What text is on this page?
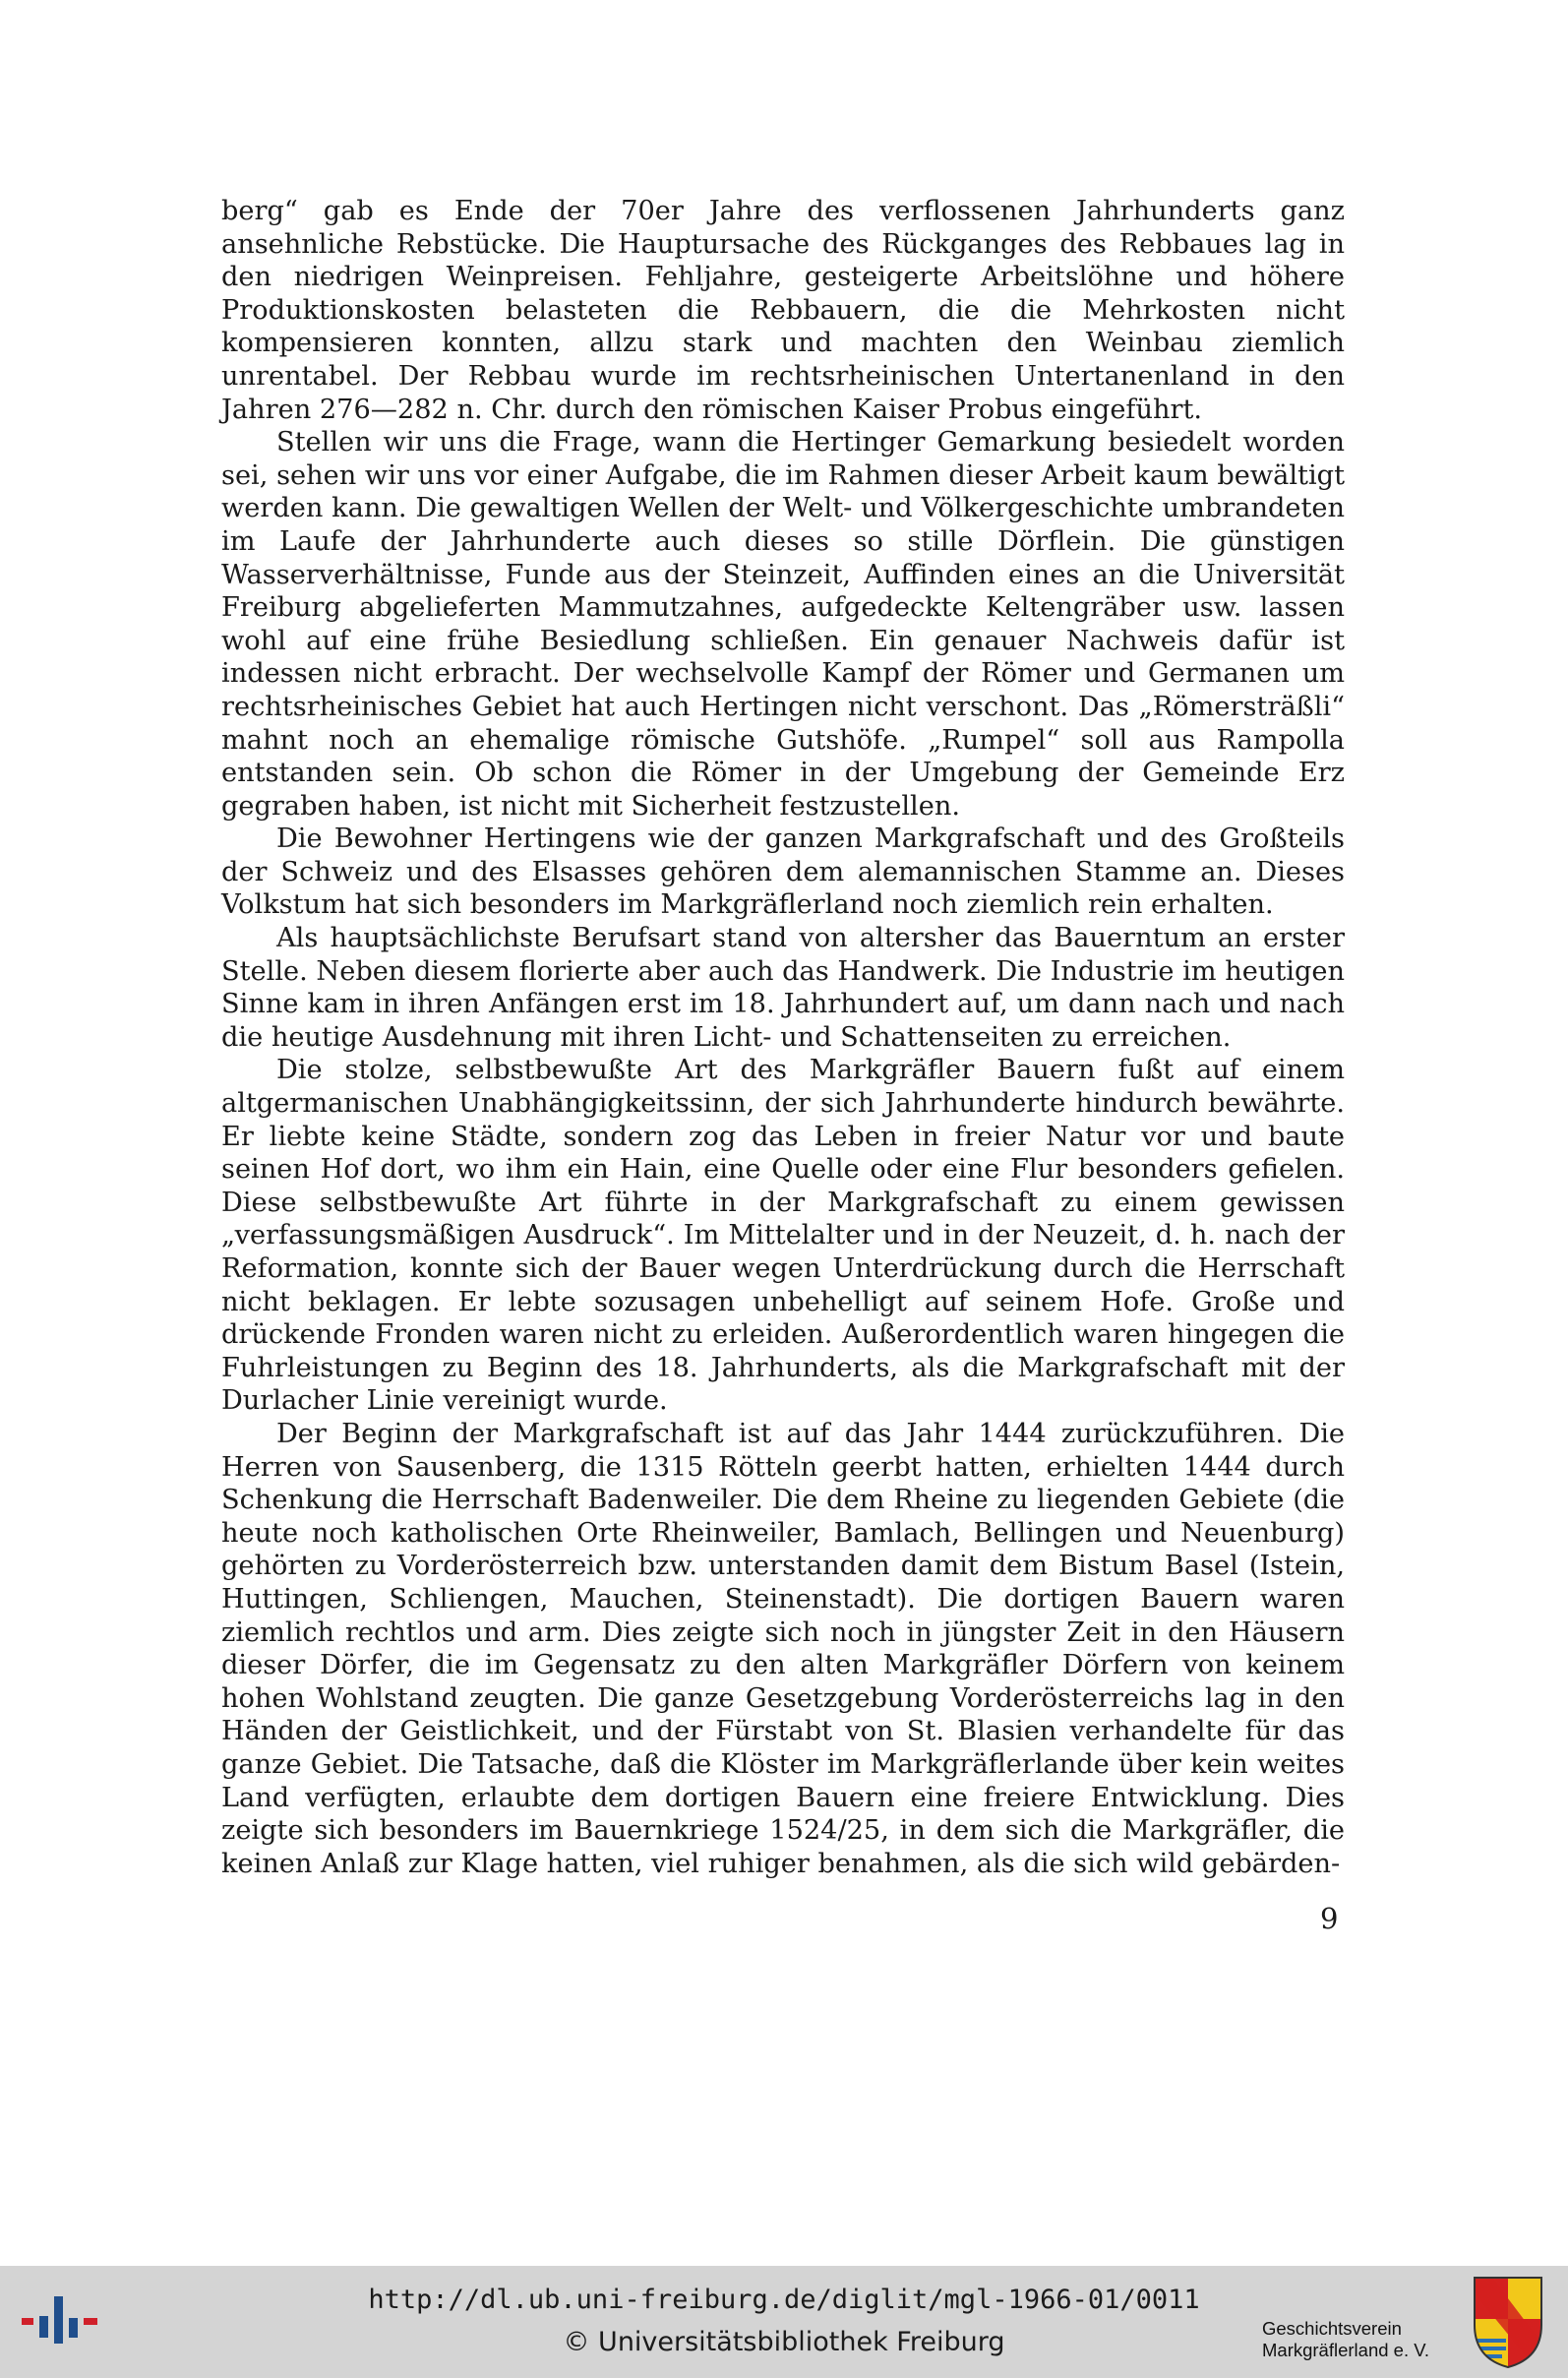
berg“ gab es Ende der 70er Jahre des verflossenen Jahrhunderts ganz ansehnliche Rebstücke. Die Hauptursache des Rückganges des Rebbaues lag in den niedrigen Weinpreisen. Fehljahre, gesteigerte Arbeitslöhne und höhere Produktionskosten belasteten die Rebbauern, die die Mehrkosten nicht kompensieren konnten, allzu stark und machten den Weinbau ziemlich unrentabel. Der Rebbau wurde im rechtsrheinischen Untertanenland in den Jahren 276—282 n. Chr. durch den römischen Kaiser Probus eingeführt.

Stellen wir uns die Frage, wann die Hertinger Gemarkung besiedelt worden sei, sehen wir uns vor einer Aufgabe, die im Rahmen dieser Arbeit kaum bewältigt werden kann. Die gewaltigen Wellen der Welt- und Völkergeschichte umbrandeten im Laufe der Jahrhunderte auch dieses so stille Dörflein. Die günstigen Wasserverhältnisse, Funde aus der Steinzeit, Auffinden eines an die Universität Freiburg abgelieferten Mammutzahnes, aufgedeckte Keltengräber usw. lassen wohl auf eine frühe Besiedlung schließen. Ein genauer Nachweis dafür ist indessen nicht erbracht. Der wechselvolle Kampf der Römer und Germanen um rechtsrheinisches Gebiet hat auch Hertingen nicht verschont. Das „Römersträßli“ mahnt noch an ehemalige römische Gutshöfe. „Rumpel“ soll aus Rampolla entstanden sein. Ob schon die Römer in der Umgebung der Gemeinde Erz gegraben haben, ist nicht mit Sicherheit festzustellen.

Die Bewohner Hertingens wie der ganzen Markgrafschaft und des Großteils der Schweiz und des Elsasses gehören dem alemannischen Stamme an. Dieses Volkstum hat sich besonders im Markgräflerland noch ziemlich rein erhalten.

Als hauptsächlichste Berufsart stand von altersher das Bauerntum an erster Stelle. Neben diesem florierte aber auch das Handwerk. Die Industrie im heutigen Sinne kam in ihren Anfängen erst im 18. Jahrhundert auf, um dann nach und nach die heutige Ausdehnung mit ihren Licht- und Schattenseiten zu erreichen.

Die stolze, selbstbewußte Art des Markgräfler Bauern fußt auf einem altgermanischen Unabhängigkeitssinn, der sich Jahrhunderte hindurch bewährte. Er liebte keine Städte, sondern zog das Leben in freier Natur vor und baute seinen Hof dort, wo ihm ein Hain, eine Quelle oder eine Flur besonders gefielen. Diese selbstbewußte Art führte in der Markgrafschaft zu einem gewissen „verfassungsmäßigen Ausdruck“. Im Mittelalter und in der Neuzeit, d. h. nach der Reformation, konnte sich der Bauer wegen Unterdrückung durch die Herrschaft nicht beklagen. Er lebte sozusagen unbehelligt auf seinem Hofe. Große und drückende Fronden waren nicht zu erleiden. Außerordentlich waren hingegen die Fuhrleistungen zu Beginn des 18. Jahrhunderts, als die Markgrafschaft mit der Durlacher Linie vereinigt wurde.

Der Beginn der Markgrafschaft ist auf das Jahr 1444 zurückzuführen. Die Herren von Sausenberg, die 1315 Rötteln geerbt hatten, erhielten 1444 durch Schenkung die Herrschaft Badenweiler. Die dem Rheine zu liegenden Gebiete (die heute noch katholischen Orte Rheinweiler, Bamlach, Bellingen und Neuenburg) gehörten zu Vorderösterreich bzw. unterstanden damit dem Bistum Basel (Istein, Huttingen, Schliengen, Mauchen, Steinenstadt). Die dortigen Bauern waren ziemlich rechtlos und arm. Dies zeigte sich noch in jüngster Zeit in den Häusern dieser Dörfer, die im Gegensatz zu den alten Markgräfler Dörfern von keinem hohen Wohlstand zeugten. Die ganze Gesetzgebung Vorderösterreichs lag in den Händen der Geistlichkeit, und der Fürstabt von St. Blasien verhandelte für das ganze Gebiet. Die Tatsache, daß die Klöster im Markgräflerlande über kein weites Land verfügten, erlaubte dem dortigen Bauern eine freiere Entwicklung. Dies zeigte sich besonders im Bauernkriege 1524/25, in dem sich die Markgräfler, die keinen Anlaß zur Klage hatten, viel ruhiger benahmen, als die sich wild gebärden-

9
http://dl.ub.uni-freiburg.de/diglit/mgl-1966-01/0011
© Universitätsbibliothek Freiburg	Geschichtsverein
Markgräflerland e. V.
